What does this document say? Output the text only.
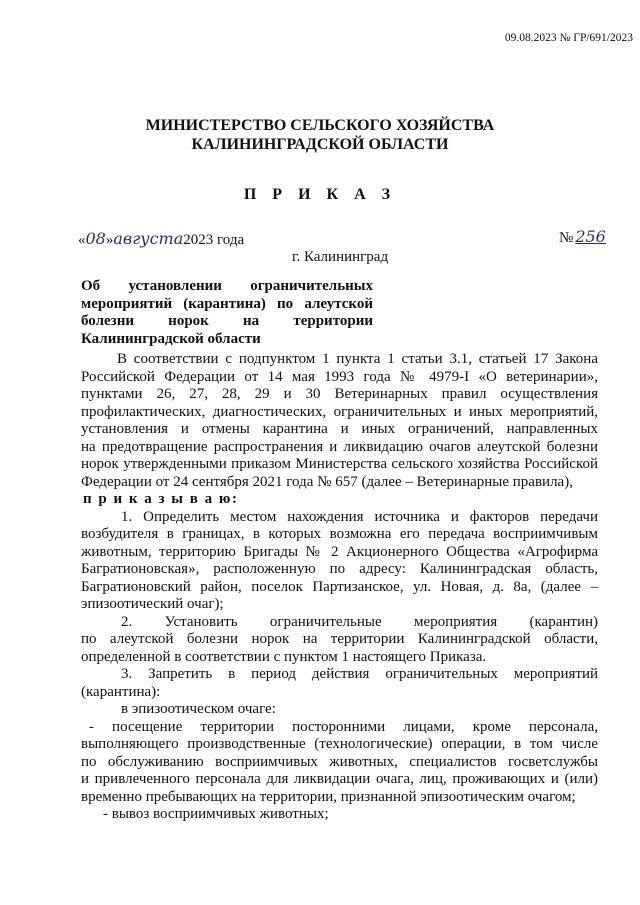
09.08.2023 № ГР/691/2023
МИНИСТЕРСТВО СЕЛЬСКОГО ХОЗЯЙСТВА
КАЛИНИНГРАДСКОЙ ОБЛАСТИ
П Р И К А З
«08»августа2023 года	№ 256
г. Калининград
Об установлении ограничительных
мероприятий (карантина) по алеутской
болезни норок на территории
Калининградской области
В соответствии с подпунктом 1 пункта 1 статьи 3.1, статьей 17 Закона
Российской Федерации от 14 мая 1993 года № 4979-I «О ветеринарии»,
пунктами 26, 27, 28, 29 и 30 Ветеринарных правил осуществления
профилактических, диагностических, ограничительных и иных мероприятий,
установления и отмены карантина и иных ограничений, направленных
на предотвращение распространения и ликвидацию очагов алеутской болезни
норок утвержденными приказом Министерства сельского хозяйства Российской
Федерации от 24 сентября 2021 года № 657 (далее – Ветеринарные правила),
п р и к а з ы в а ю:
1. Определить местом нахождения источника и факторов передачи
возбудителя в границах, в которых возможна его передача восприимчивым
животным, территорию Бригады № 2 Акционерного Общества «Агрофирма
Багратионовская», расположенную по адресу: Калининградская область,
Багратионовский район, поселок Партизанское, ул. Новая, д. 8а, (далее –
эпизоотический очаг);
2. Установить ограничительные мероприятия (карантин)
по алеутской болезни норок на территории Калининградской области,
определенной в соответствии с пунктом 1 настоящего Приказа.
3. Запретить в период действия ограничительных мероприятий
(карантина):
в эпизоотическом очаге:
- посещение территории посторонними лицами, кроме персонала,
выполняющего производственные (технологические) операции, в том числе
по обслуживанию восприимчивых животных, специалистов госветслужбы
и привлеченного персонала для ликвидации очага, лиц, проживающих и (или)
временно пребывающих на территории, признанной эпизоотическим очагом;
- вывоз восприимчивых животных;
